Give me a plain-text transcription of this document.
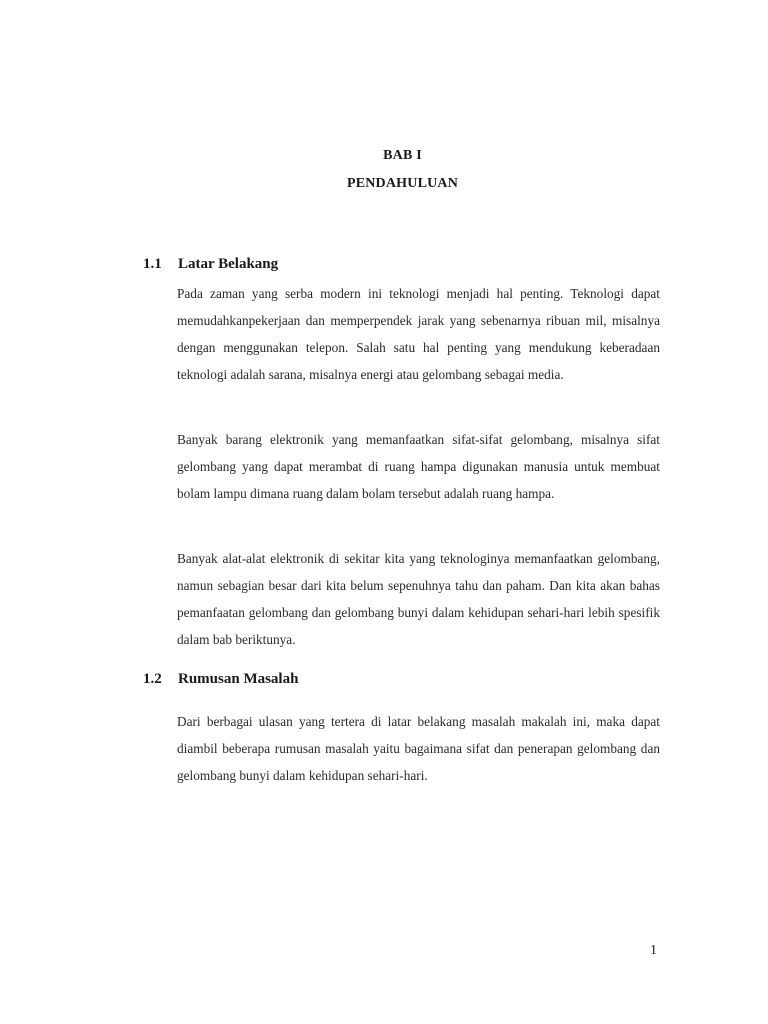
BAB I
PENDAHULUAN
1.1 Latar Belakang

Pada zaman yang serba modern ini teknologi menjadi hal penting. Teknologi dapat memudahkanpekerjaan dan memperpendek jarak yang sebenarnya ribuan mil, misalnya dengan menggunakan telepon. Salah satu hal penting yang mendukung keberadaan teknologi adalah sarana, misalnya energi atau gelombang sebagai media.

Banyak barang elektronik yang memanfaatkan sifat-sifat gelombang, misalnya sifat gelombang yang dapat merambat di ruang hampa digunakan manusia untuk membuat bolam lampu dimana ruang dalam bolam tersebut adalah ruang hampa.

Banyak alat-alat elektronik di sekitar kita yang teknologinya memanfaatkan gelombang, namun sebagian besar dari kita belum sepenuhnya tahu dan paham. Dan kita akan bahas pemanfaatan gelombang dan gelombang bunyi dalam kehidupan sehari-hari lebih spesifik dalam bab beriktunya.

1.2 Rumusan Masalah

Dari berbagai ulasan yang tertera di latar belakang masalah makalah ini, maka dapat diambil beberapa rumusan masalah yaitu bagaimana sifat dan penerapan gelombang dan gelombang bunyi dalam kehidupan sehari-hari.

1
